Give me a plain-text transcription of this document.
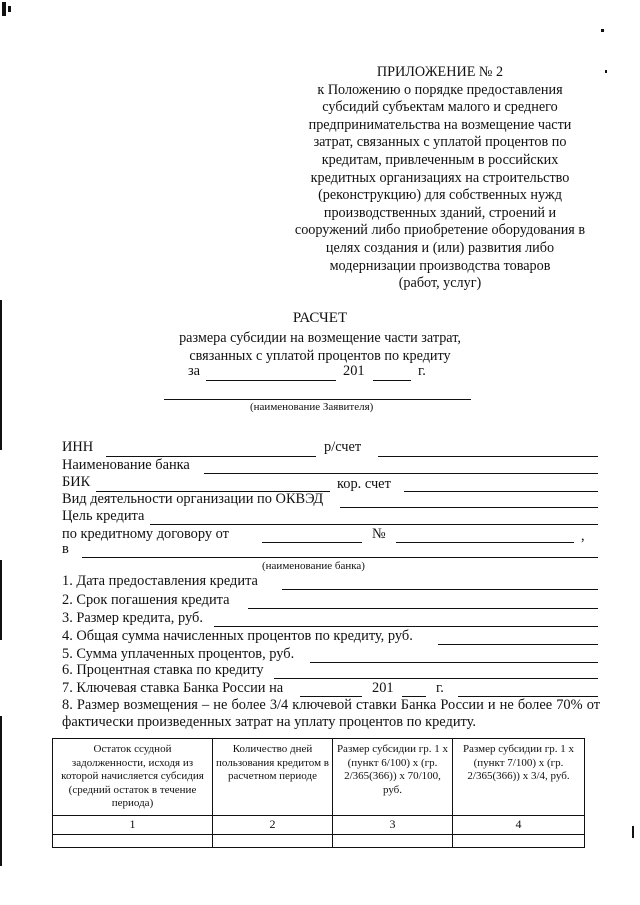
ПРИЛОЖЕНИЕ № 2
к Положению о порядке предоставления
субсидий субъектам малого и среднего
предпринимательства на возмещение части
затрат, связанных с уплатой процентов по
кредитам, привлеченным в российских
кредитных организациях на строительство
(реконструкцию) для собственных нужд
производственных зданий, строений и
сооружений либо приобретение оборудования в
целях создания и (или) развития либо
модернизации производства товаров
(работ, услуг)
РАСЧЕТ
размера субсидии на возмещение части затрат,
связанных с уплатой процентов по кредиту
за	201	г.
(наименование Заявителя)
ИНН	р/счет
Наименование банка
БИК	кор. счет
Вид деятельности организации по ОКВЭД
Цель кредита
по кредитному договору от	№	,
в
(наименование банка)
1. Дата предоставления кредита
2. Срок погашения кредита
3. Размер кредита, руб.
4. Общая сумма начисленных процентов по кредиту, руб.
5. Сумма уплаченных процентов, руб.
6. Процентная ставка по кредиту
7. Ключевая ставка Банка России на	201	г.
8. Размер возмещения – не более 3/4 ключевой ставки Банка России и не более 70% от фактически произведенных затрат на уплату процентов по кредиту.
Остаток ссудной задолженности, исходя из которой начисляется субсидия (средний остаток в течение периода)	Количество дней пользования кредитом в расчетном периоде	Размер субсидии гр. 1 х (пункт 6/100) х (гр. 2/365(366)) х 70/100, руб.	Размер субсидии гр. 1 х (пункт 7/100) х (гр. 2/365(366)) х 3/4, руб.
1	2	3	4
